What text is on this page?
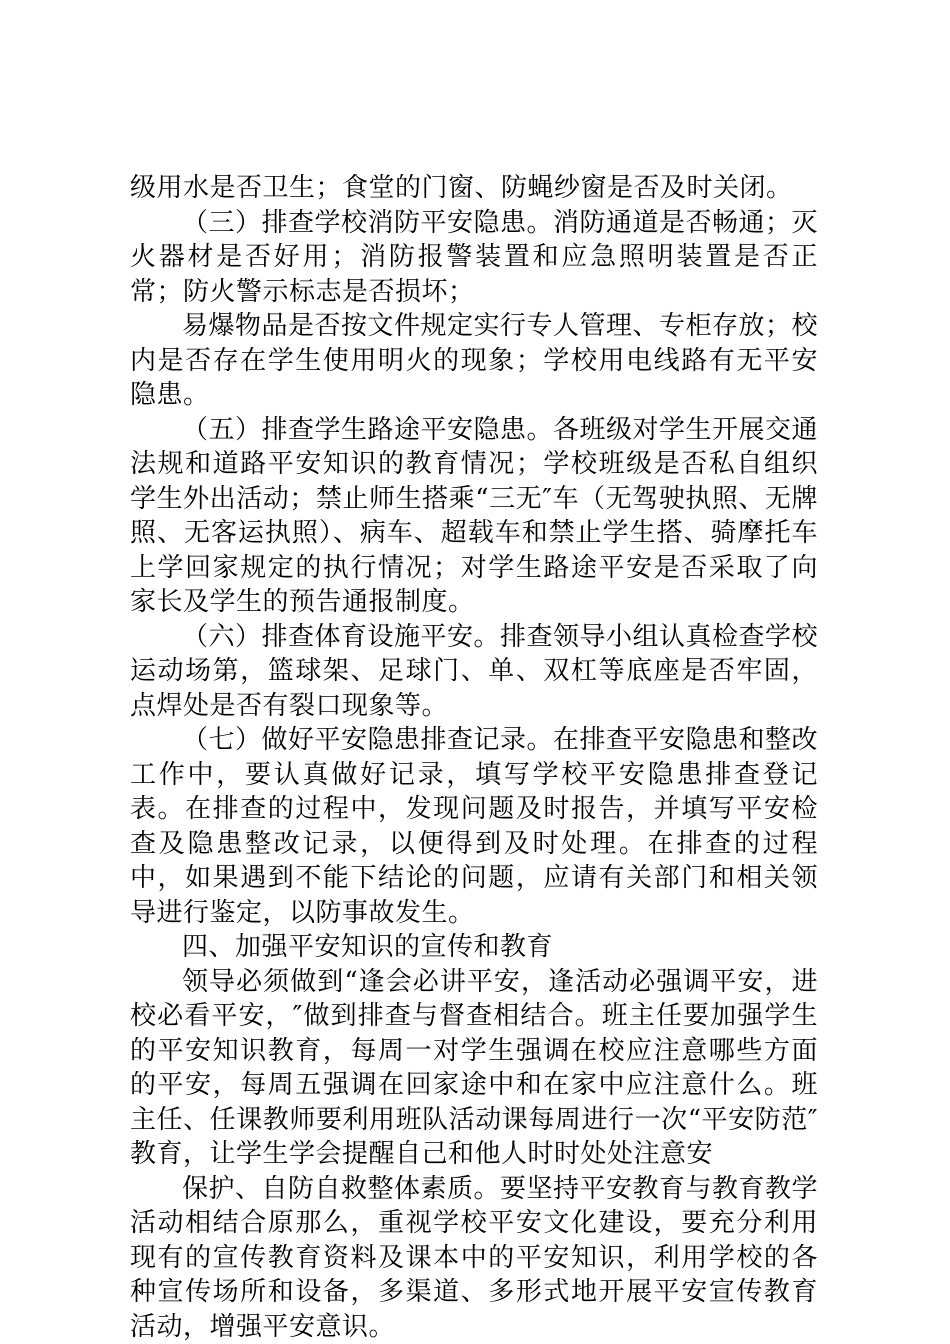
级用水是否卫生；食堂的门窗、防蝇纱窗是否及时关闭。

（三）排查学校消防平安隐患。消防通道是否畅通；灭火器材是否好用；消防报警装置和应急照明装置是否正常；防火警示标志是否损坏；

易爆物品是否按文件规定实行专人管理、专柜存放；校内是否存在学生使用明火的现象；学校用电线路有无平安隐患。

（五）排查学生路途平安隐患。各班级对学生开展交通法规和道路平安知识的教育情况；学校班级是否私自组织学生外出活动；禁止师生搭乘“三无″车（无驾驶执照、无牌照、无客运执照）、病车、超载车和禁止学生搭、骑摩托车上学回家规定的执行情况；对学生路途平安是否采取了向家长及学生的预告通报制度。

（六）排查体育设施平安。排查领导小组认真检查学校运动场第，篮球架、足球门、单、双杠等底座是否牢固，点焊处是否有裂口现象等。

（七）做好平安隐患排查记录。在排查平安隐患和整改工作中，要认真做好记录，填写学校平安隐患排查登记表。在排查的过程中，发现问题及时报告，并填写平安检查及隐患整改记录，以便得到及时处理。在排查的过程中，如果遇到不能下结论的问题，应请有关部门和相关领导进行鉴定，以防事故发生。

四、加强平安知识的宣传和教育

领导必须做到“逢会必讲平安，逢活动必强调平安，进校必看平安，″做到排查与督查相结合。班主任要加强学生的平安知识教育，每周一对学生强调在校应注意哪些方面的平安，每周五强调在回家途中和在家中应注意什么。班主任、任课教师要利用班队活动课每周进行一次“平安防范″教育，让学生学会提醒自己和他人时时处处注意安

保护、自防自救整体素质。要坚持平安教育与教育教学活动相结合原那么，重视学校平安文化建设，要充分利用现有的宣传教育资料及课本中的平安知识，利用学校的各种宣传场所和设备，多渠道、多形式地开展平安宣传教育活动，增强平安意识。
